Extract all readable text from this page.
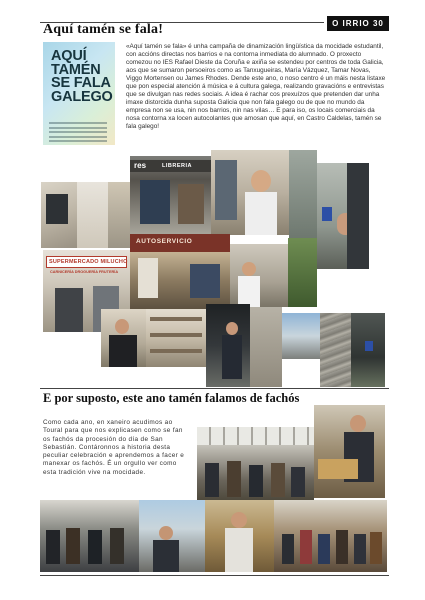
Aquí tamén se fala!	O IRRIO 30
AQUÍ
TAMÉN
SE FALA
GALEGO
«Aquí tamén se fala» é unha campaña de dinamización lingüística da mocidade estudantil, con accións directas nos barrios e na contorna inmediata do alumnado. O proxecto comezou no IES Rafael Dieste da Coruña e axiña se estendeu por centros de toda Galicia, aos que se sumaron persoeiros como as Tanxugueiras, María Vázquez, Tamar Novas, Viggo Mortensen ou James Rhodes. Dende este ano, o noso centro é un máis nesta listaxe que pon especial atención á música e á cultura galega, realizando gravacións e entrevistas que se divulgan nas redes sociais. A idea é rachar cos prexuízos que pretenden dar unha imaxe distorcida dunha suposta Galicia que non fala galego ou de que no mundo da empresa non se usa, nin nos barrios, nin nas vilas… E para iso, os locais comerciais da nosa contorna xa locen autocolantes que amosan que aquí, en Castro Caldelas, tamén se fala galego!
res	LIBRERIA
AUTOSERVICIO
SUPERMERCADO MILUCHO
CARNICERÍA DROGUERÍA FRUTERÍA
E por suposto, este ano tamén falamos de fachós
Como cada ano, en xaneiro acudimos ao Toural para que nos explicasen como se fan os fachós da procesión do día de San Sebastián. Contáronnos a historia desta peculiar celebración e aprendemos a facer e manexar os fachós. É un orgullo ver como esta tradición vive na mocidade.
